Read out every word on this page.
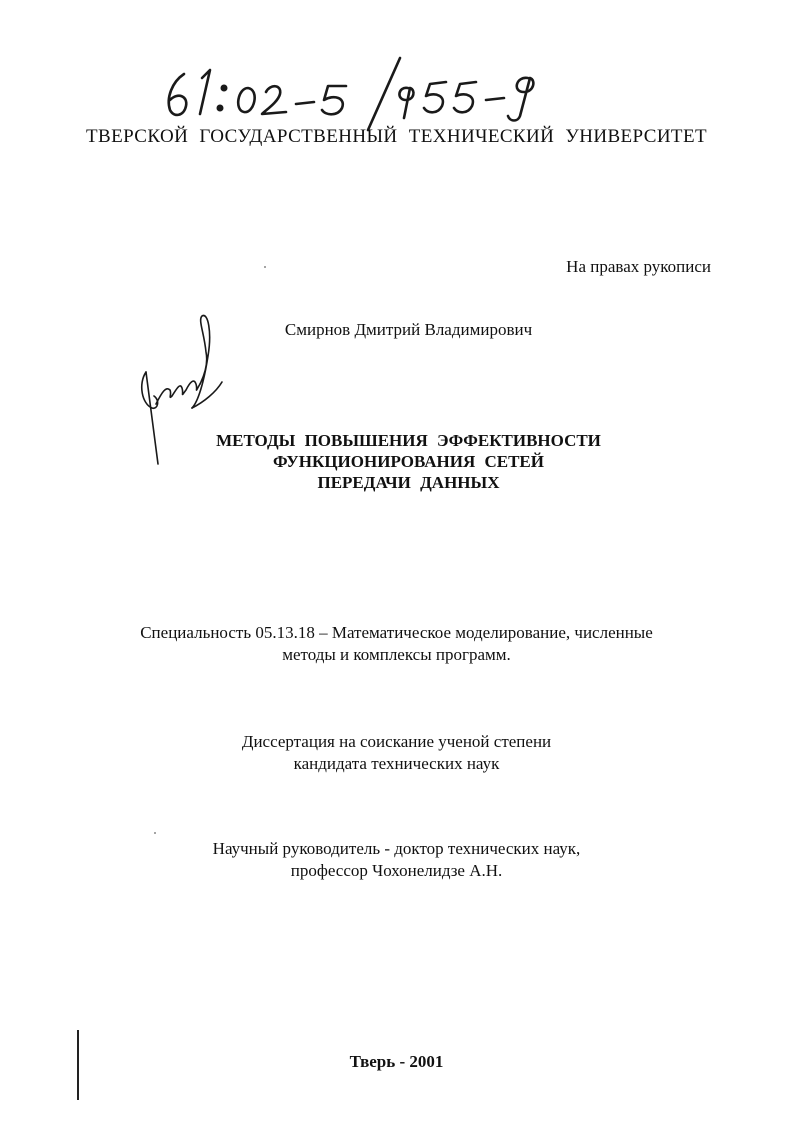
ТВЕРСКОЙ ГОСУДАРСТВЕННЫЙ ТЕХНИЧЕСКИЙ УНИВЕРСИТЕТ
На правах рукописи
Смирнов Дмитрий Владимирович
МЕТОДЫ ПОВЫШЕНИЯ ЭФФЕКТИВНОСТИ
ФУНКЦИОНИРОВАНИЯ СЕТЕЙ
ПЕРЕДАЧИ ДАННЫХ
Специальность 05.13.18 – Математическое моделирование, численные
методы и комплексы программ.
Диссертация на соискание ученой степени
кандидата технических наук
Научный руководитель - доктор технических наук,
профессор Чохонелидзе А.Н.
Тверь - 2001
